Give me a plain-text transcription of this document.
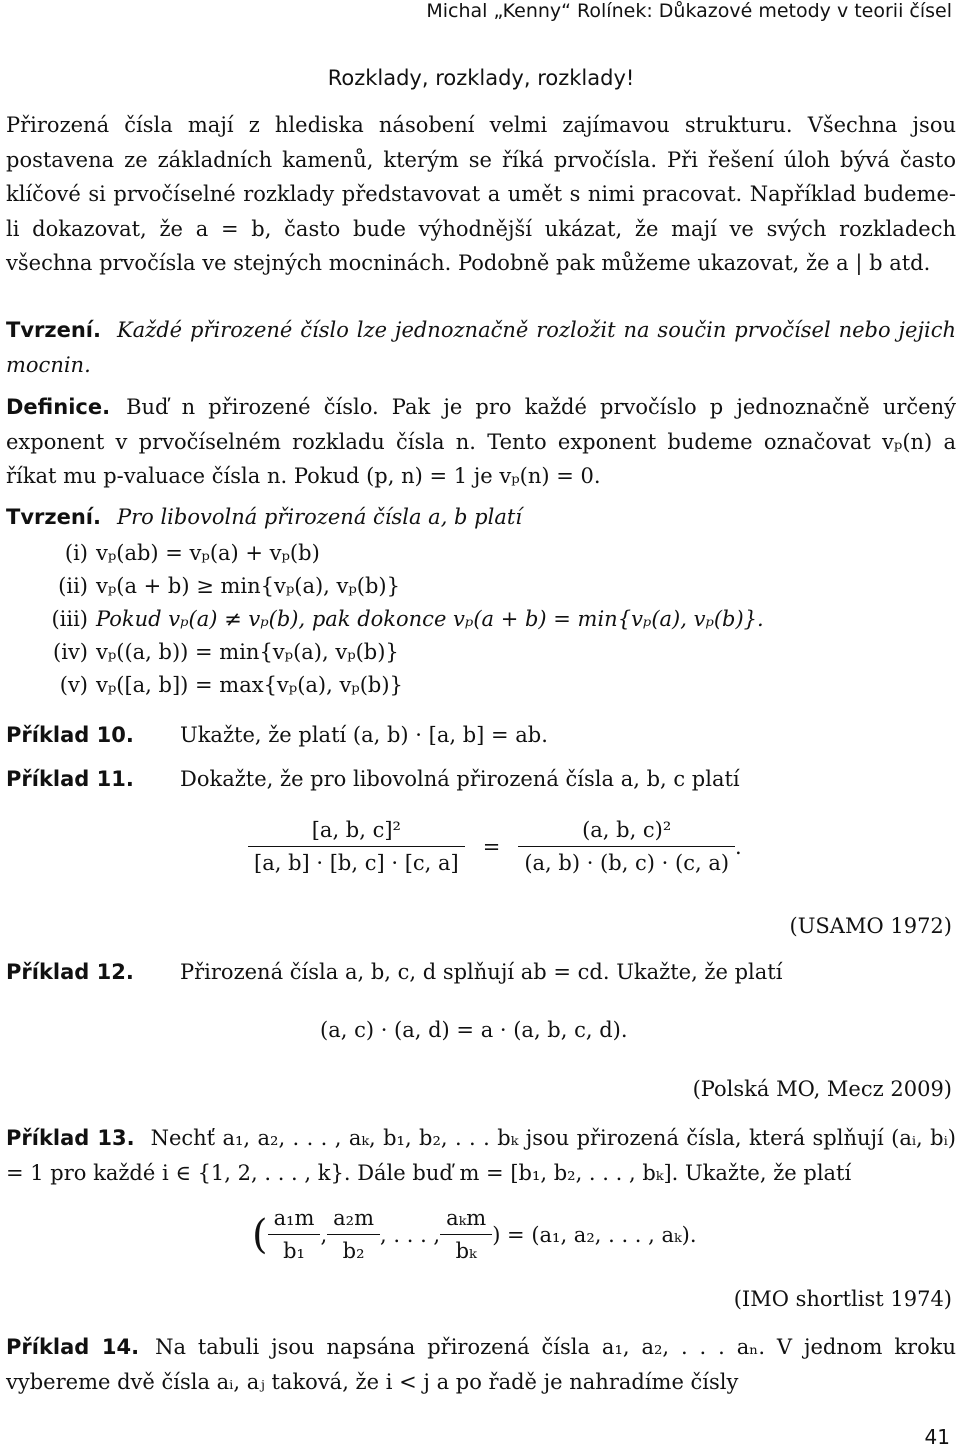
Michal „Kenny“ Rolínek: Důkazové metody v teorii čísel
Rozklady, rozklady, rozklady!
Přirozená čísla mají z hlediska násobení velmi zajímavou strukturu. Všechna jsou postavena ze základních kamenů, kterým se říká prvočísla. Při řešení úloh bývá často klíčové si prvočíselné rozklady představovat a umět s nimi pracovat. Například budeme-li dokazovat, že a = b, často bude výhodnější ukázat, že mají ve svých rozkladech všechna prvočísla ve stejných mocninách. Podobně pak můžeme ukazovat, že a | b atd.
Tvrzení. Každé přirozené číslo lze jednoznačně rozložit na součin prvočísel nebo jejich mocnin.
Definice. Buď n přirozené číslo. Pak je pro každé prvočíslo p jednoznačně určený exponent v prvočíselném rozkladu čísla n. Tento exponent budeme označovat vₚ(n) a říkat mu p-valuace čísla n. Pokud (p, n) = 1 je vₚ(n) = 0.
Tvrzení. Pro libovolná přirozená čísla a, b platí
(i) vₚ(ab) = vₚ(a) + vₚ(b)
(ii) vₚ(a + b) ≥ min{vₚ(a), vₚ(b)}
(iii) Pokud vₚ(a) ≠ vₚ(b), pak dokonce vₚ(a + b) = min{vₚ(a), vₚ(b)}.
(iv) vₚ((a, b)) = min{vₚ(a), vₚ(b)}
(v) vₚ([a, b]) = max{vₚ(a), vₚ(b)}
Příklad 10. Ukažte, že platí (a, b) · [a, b] = ab.
Příklad 11. Dokažte, že pro libovolná přirozená čísla a, b, c platí
$\frac{\text{[a, b, c]²}}{[a, b] \cdot [b, c] \cdot [c, a]} = \frac{\text{(a, b, c)²}}{(a, b) \cdot (b, c) \cdot (c, a)}$ .
(USAMO 1972)
Příklad 12. Přirozená čísla a, b, c, d splňují ab = cd. Ukažte, že platí
(a, c) · (a, d) = a · (a, b, c, d).
(Polská MO, Mecz 2009)
Příklad 13. Nechť a₁, a₂, . . . , aₖ, b₁, b₂, . . . bₖ jsou přirozená čísla, která splňují (aᵢ, bᵢ) = 1 pro každé i ∈ {1, 2, . . . , k}. Dále buď m = [b₁, b₂, . . . , bₖ]. Ukažte, že platí
( $\frac{\text{a₁m}}{\text{b₁}}$ , $\frac{\text{a₂m}}{\text{b₂}}$ , . . . , $\frac{\text{aₖm}}{\text{bₖ}}$ ) = (a₁, a₂, . . . , aₖ).
(IMO shortlist 1974)
Příklad 14. Na tabuli jsou napsána přirozená čísla a₁, a₂, . . . aₙ. V jednom kroku vybereme dvě čísla aᵢ, aⱼ taková, že i < j a po řadě je nahradíme čísly
41
